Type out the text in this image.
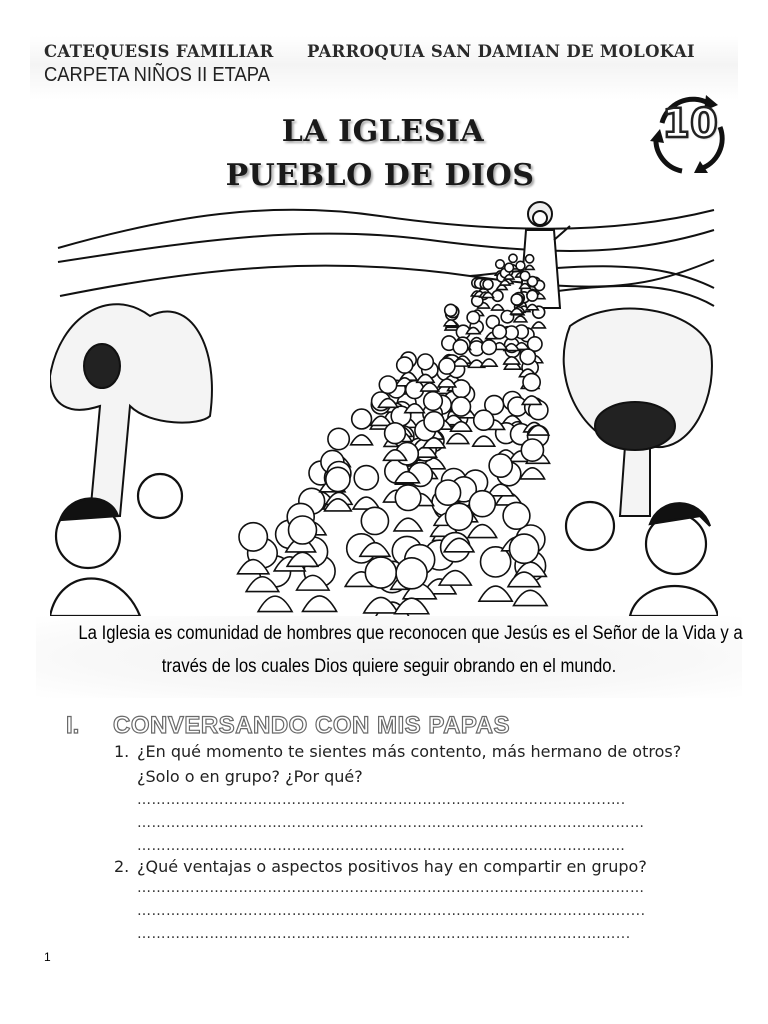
CATEQUESIS FAMILIAR PARROQUIA SAN DAMIAN DE MOLOKAI
CARPETA NIÑOS II ETAPA
LA IGLESIA
PUEBLO DE DIOS
10
La Iglesia es comunidad de hombres que reconocen que Jesús es el Señor de la Vida y a
través de los cuales Dios quiere seguir obrando en el mundo.
I. CONVERSANDO CON MIS PAPAS
1. ¿En qué momento te sientes más contento, más hermano de otros?
¿Solo o en grupo? ¿Por qué?
…………………………………………………..………………………………..….
……………………………………………………………………………………………
……………..…………………………………………………………………………
2. ¿Qué ventajas o aspectos positivos hay en compartir en grupo?
……………………………………………………………………………………………
……………………..………..……………………………………………………….....
………………………………………………………………………………...……...
1
